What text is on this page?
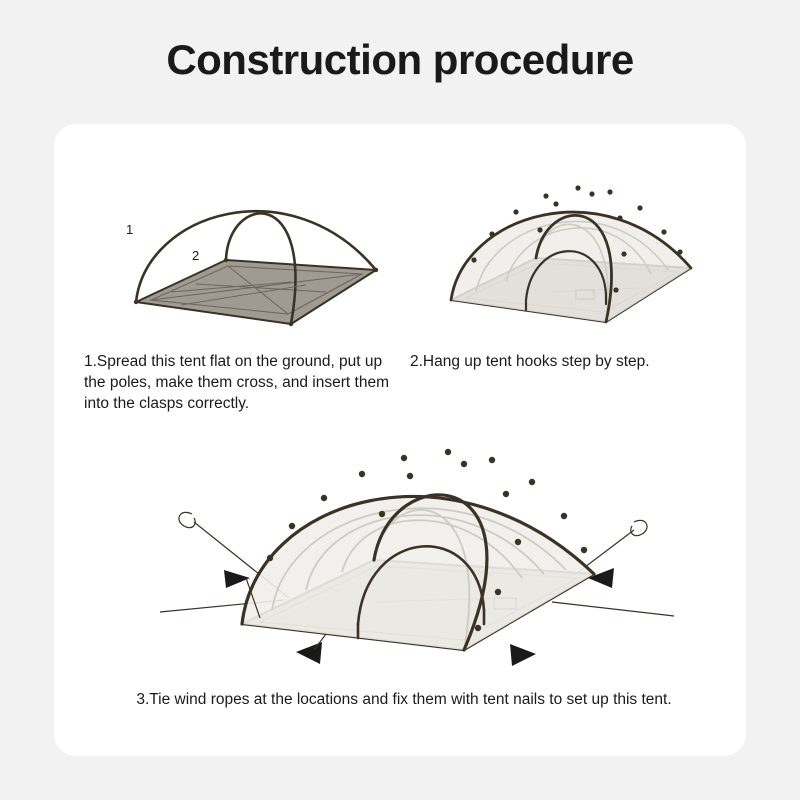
Construction procedure
1
2
1.Spread this tent flat on the ground, put up the poles, make them cross, and insert them into the clasps correctly.
2.Hang up tent hooks step by step.
3.Tie wind ropes at the locations and fix them with tent nails to set up this tent.
